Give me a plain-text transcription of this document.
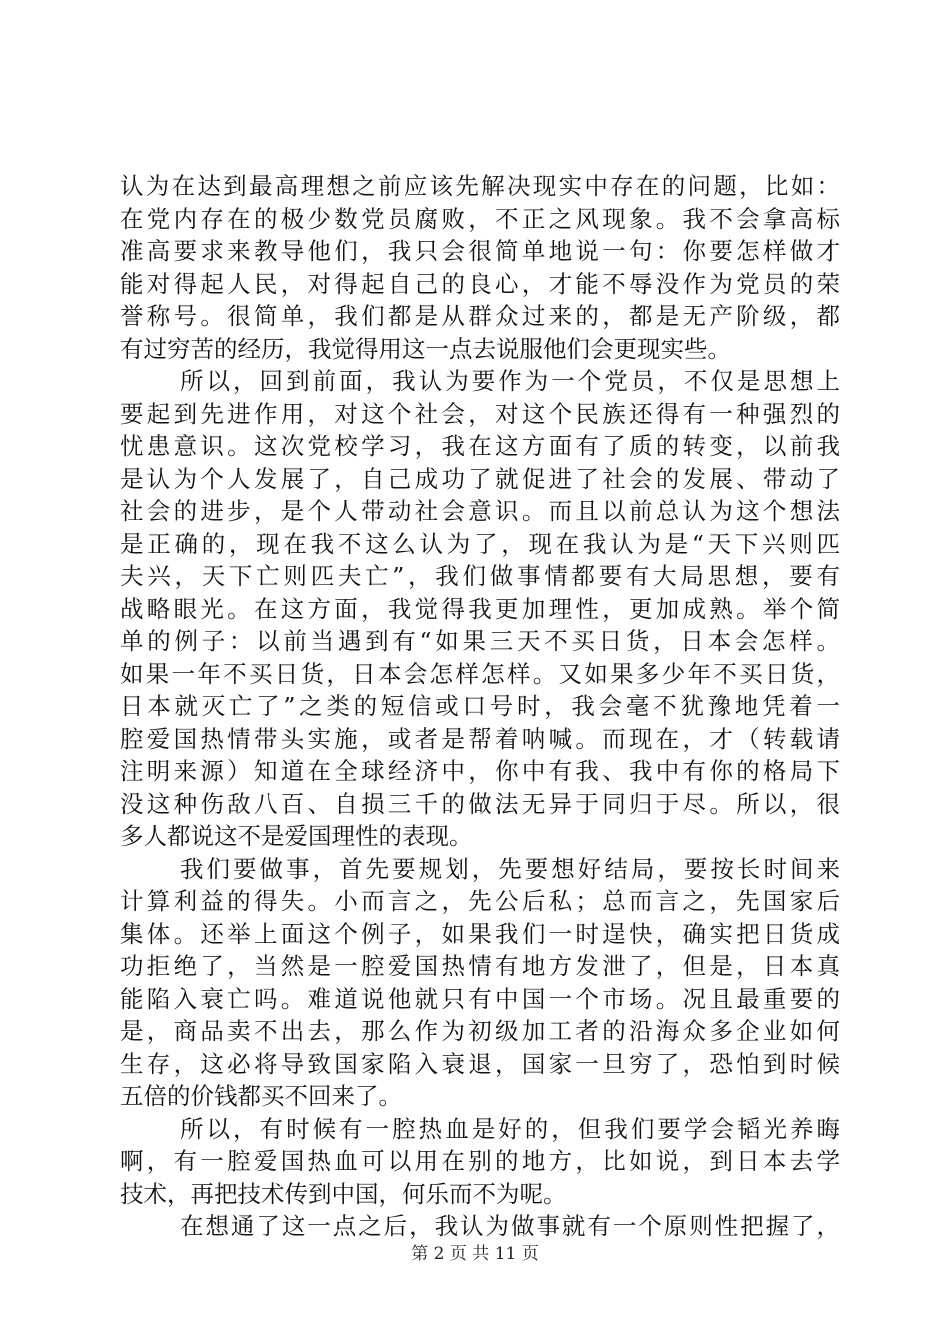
认为在达到最高理想之前应该先解决现实中存在的问题，比如：
在党内存在的极少数党员腐败，不正之风现象。我不会拿高标
准高要求来教导他们，我只会很简单地说一句：你要怎样做才
能对得起人民，对得起自己的良心，才能不辱没作为党员的荣
誉称号。很简单，我们都是从群众过来的，都是无产阶级，都
有过穷苦的经历，我觉得用这一点去说服他们会更现实些。
所以，回到前面，我认为要作为一个党员，不仅是思想上
要起到先进作用，对这个社会，对这个民族还得有一种强烈的
忧患意识。这次党校学习，我在这方面有了质的转变，以前我
是认为个人发展了，自己成功了就促进了社会的发展、带动了
社会的进步，是个人带动社会意识。而且以前总认为这个想法
是正确的，现在我不这么认为了，现在我认为是“天下兴则匹
夫兴，天下亡则匹夫亡”，我们做事情都要有大局思想，要有
战略眼光。在这方面，我觉得我更加理性，更加成熟。举个简
单的例子：以前当遇到有“如果三天不买日货，日本会怎样。
如果一年不买日货，日本会怎样怎样。又如果多少年不买日货，
日本就灭亡了”之类的短信或口号时，我会毫不犹豫地凭着一
腔爱国热情带头实施，或者是帮着呐喊。而现在，才（转载请
注明来源）知道在全球经济中，你中有我、我中有你的格局下
没这种伤敌八百、自损三千的做法无异于同归于尽。所以，很
多人都说这不是爱国理性的表现。
我们要做事，首先要规划，先要想好结局，要按长时间来
计算利益的得失。小而言之，先公后私；总而言之，先国家后
集体。还举上面这个例子，如果我们一时逞快，确实把日货成
功拒绝了，当然是一腔爱国热情有地方发泄了，但是，日本真
能陷入衰亡吗。难道说他就只有中国一个市场。况且最重要的
是，商品卖不出去，那么作为初级加工者的沿海众多企业如何
生存，这必将导致国家陷入衰退，国家一旦穷了，恐怕到时候
五倍的价钱都买不回来了。
所以，有时候有一腔热血是好的，但我们要学会韬光养晦
啊，有一腔爱国热血可以用在别的地方，比如说，到日本去学
技术，再把技术传到中国，何乐而不为呢。
在想通了这一点之后，我认为做事就有一个原则性把握了，
第 2 页 共 11 页
